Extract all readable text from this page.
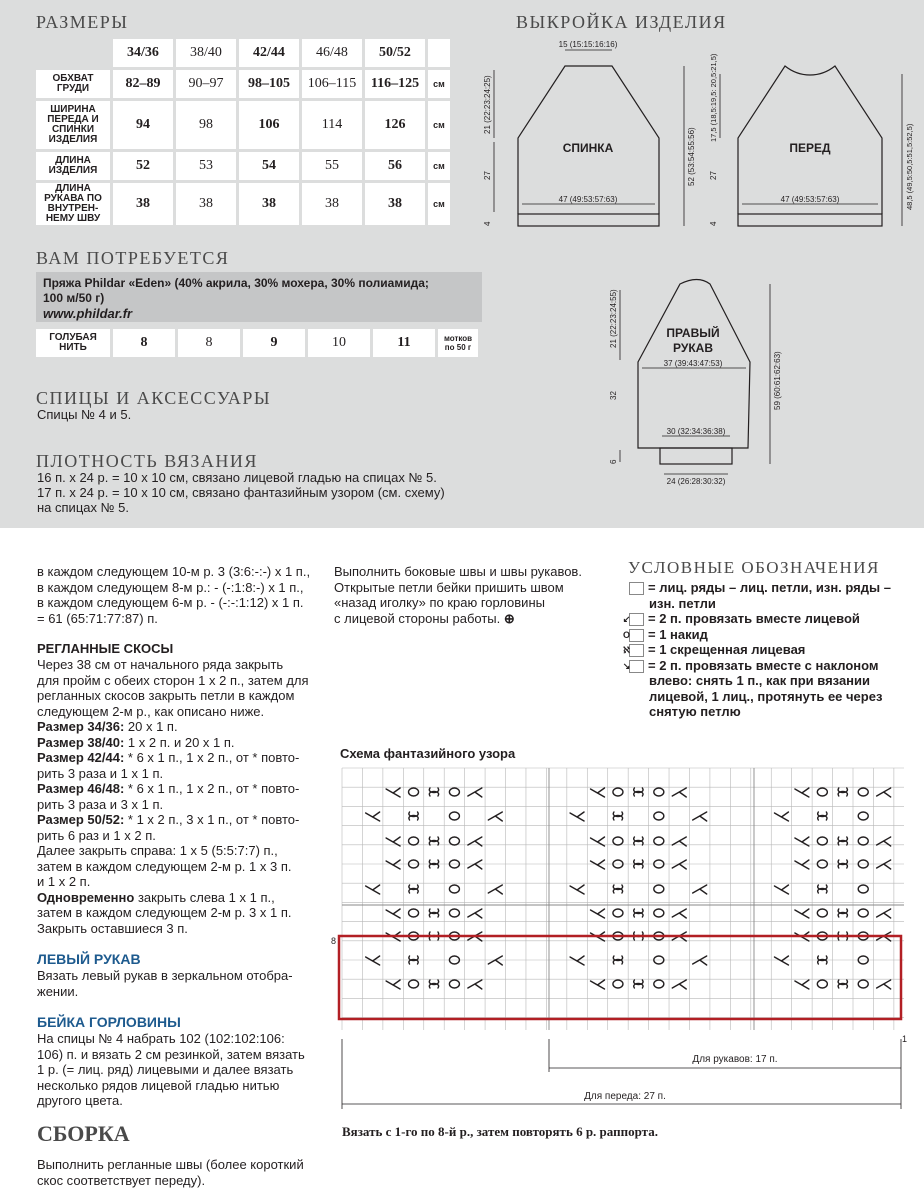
РАЗМЕРЫ
	34/36	38/40	42/44	46/48	50/52	
ОБХВАТ ГРУДИ	82–89	90–97	98–105	106–115	116–125	см
ШИРИНА ПЕРЕДА И СПИНКИ ИЗДЕЛИЯ	94	98	106	114	126	см
ДЛИНА ИЗДЕЛИЯ	52	53	54	55	56	см
ДЛИНА РУКАВА ПО ВНУТРЕН- НЕМУ ШВУ	38	38	38	38	38	см
ВАМ ПОТРЕБУЕТСЯ
Пряжа Phildar «Eden» (40% акрила, 30% мохера, 30% полиамида;
100 м/50 г)
www.phildar.fr
ГОЛУБАЯ НИТЬ	8	8	9	10	11	мотков по 50 г
СПИЦЫ И АКСЕССУАРЫ
Спицы № 4 и 5.
ПЛОТНОСТЬ ВЯЗАНИЯ
16 п. x 24 р. = 10 x 10 см, связано лицевой гладью на спицах № 5.
17 п. x 24 р. = 10 x 10 см, связано фантазийным узором (см. схему)
на спицах № 5.
ВЫКРОЙКА ИЗДЕЛИЯ
15 (15:15:16:16)
СПИНКА
47 (49:53:57:63)
21 (22:23:24:25)
27
4
52 (53:54:55:56)	ПЕРЕД
47 (49:53:57:63)
17,5 (18,5:19,5: 20,5:21,5)
27
4
48,5 (49,5:50,5:51,5:52,5)
ПРАВЫЙ
РУКАВ
37 (39:43:47:53)
30 (32:34:36:38)
24 (26:28:30:32)
21 (22:23:24:55)
32
6
59 (60:61:62:63)
в каждом следующем 10-м р. 3 (3:6:-:-) x 1 п.,
в каждом следующем 8-м р.: - (-:1:8:-) x 1 п.,
в каждом следующем 6-м р. - (-:-:1:12) x 1 п.
= 61 (65:71:77:87) п.
РЕГЛАННЫЕ СКОСЫ
Через 38 см от начального ряда закрыть
для пройм с обеих сторон 1 x 2 п., затем для
регланных скосов закрыть петли в каждом
следующем 2-м р., как описано ниже.
Размер 34/36: 20 x 1 п.
Размер 38/40: 1 x 2 п. и 20 x 1 п.
Размер 42/44: * 6 x 1 п., 1 x 2 п., от * повто-
рить 3 раза и 1 x 1 п.
Размер 46/48: * 6 x 1 п., 1 x 2 п., от * повто-
рить 3 раза и 3 x 1 п.
Размер 50/52: * 1 x 2 п., 3 x 1 п., от * повто-
рить 6 раз и 1 x 2 п.
Далее закрыть справа: 1 x 5 (5:5:7:7) п.,
затем в каждом следующем 2-м р. 1 x 3 п.
и 1 x 2 п.
Одновременно закрыть слева 1 x 1 п.,
затем в каждом следующем 2-м р. 3 x 1 п.
Закрыть оставшиеся 3 п.
ЛЕВЫЙ РУКАВ
Вязать левый рукав в зеркальном отобра-
жении.
БЕЙКА ГОРЛОВИНЫ
На спицы № 4 набрать 102 (102:102:106:
106) п. и вязать 2 см резинкой, затем вязать
1 р. (= лиц. ряд) лицевыми и далее вязать
несколько рядов лицевой гладью нитью
другого цвета.
СБОРКА
Выполнить регланные швы (более короткий
скос соответствует переду).
Выполнить боковые швы и швы рукавов.
Открытые петли бейки пришить швом
«назад иголку» по краю горловины
с лицевой стороны работы. ⊕
УСЛОВНЫЕ ОБОЗНАЧЕНИЯ
= лиц. ряды – лиц. петли, изн. ряды – изн. петли
↙ = 2 п. провязать вместе лицевой
О = 1 накид
ℵ = 1 скрещенная лицевая
↘ = 2 п. провязать вместе с наклоном влево: снять 1 п., как при вязании лицевой, 1 лиц., протянуть ее через снятую петлю
Схема фантазийного узора
8
1
Для рукавов: 17 п.
Для переда: 27 п.
Вязать с 1-го по 8-й р., затем повторять 6 р. раппорта.
